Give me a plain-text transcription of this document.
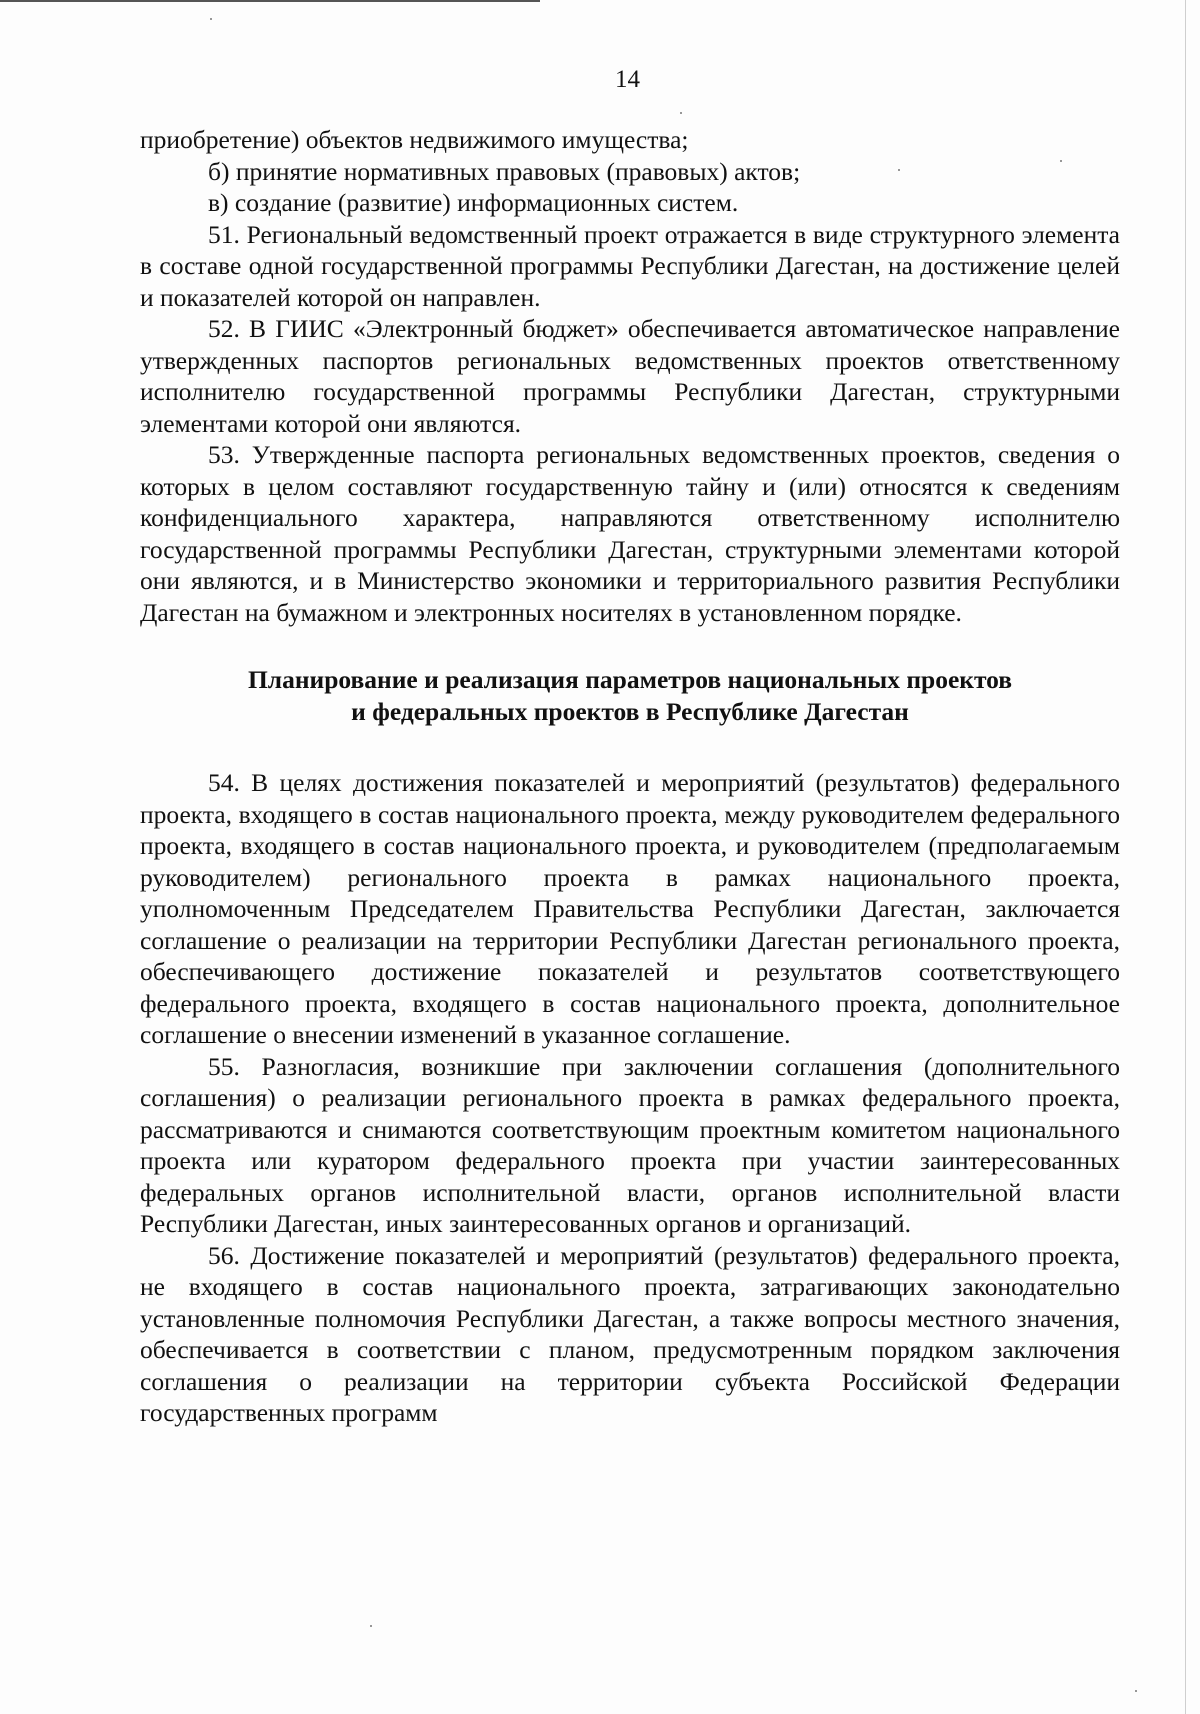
14

приобретение) объектов недвижимого имущества;

б) принятие нормативных правовых (правовых) актов;

в) создание (развитие) информационных систем.

51. Региональный ведомственный проект отражается в виде структурного элемента в составе одной государственной программы Республики Дагестан, на достижение целей и показателей которой он направлен.

52. В ГИИС «Электронный бюджет» обеспечивается автоматическое направление утвержденных паспортов региональных ведомственных проектов ответственному исполнителю государственной программы Республики Дагестан, структурными элементами которой они являются.

53. Утвержденные паспорта региональных ведомственных проектов, сведения о которых в целом составляют государственную тайну и (или) относятся к сведениям конфиденциального характера, направляются ответственному исполнителю государственной программы Республики Дагестан, структурными элементами которой они являются, и в Министерство экономики и территориального развития Республики Дагестан на бумажном и электронных носителях в установленном порядке.

Планирование и реализация параметров национальных проектов

и федеральных проектов в Республике Дагестан

54. В целях достижения показателей и мероприятий (результатов) федерального проекта, входящего в состав национального проекта, между руководителем федерального проекта, входящего в состав национального проекта, и руководителем (предполагаемым руководителем) регионального проекта в рамках национального проекта, уполномоченным Председателем Правительства Республики Дагестан, заключается соглашение о реализации на территории Республики Дагестан регионального проекта, обеспечивающего достижение показателей и результатов соответствующего федерального проекта, входящего в состав национального проекта, дополнительное соглашение о внесении изменений в указанное соглашение.

55. Разногласия, возникшие при заключении соглашения (дополнительного соглашения) о реализации регионального проекта в рамках федерального проекта, рассматриваются и снимаются соответствующим проектным комитетом национального проекта или куратором федерального проекта при участии заинтересованных федеральных органов исполнительной власти, органов исполнительной власти Республики Дагестан, иных заинтересованных органов и организаций.

56. Достижение показателей и мероприятий (результатов) федерального проекта, не входящего в состав национального проекта, затрагивающих законодательно установленные полномочия Республики Дагестан, а также вопросы местного значения, обеспечивается в соответствии с планом, предусмотренным порядком заключения соглашения о реализации на территории субъекта Российской Федерации государственных программ
